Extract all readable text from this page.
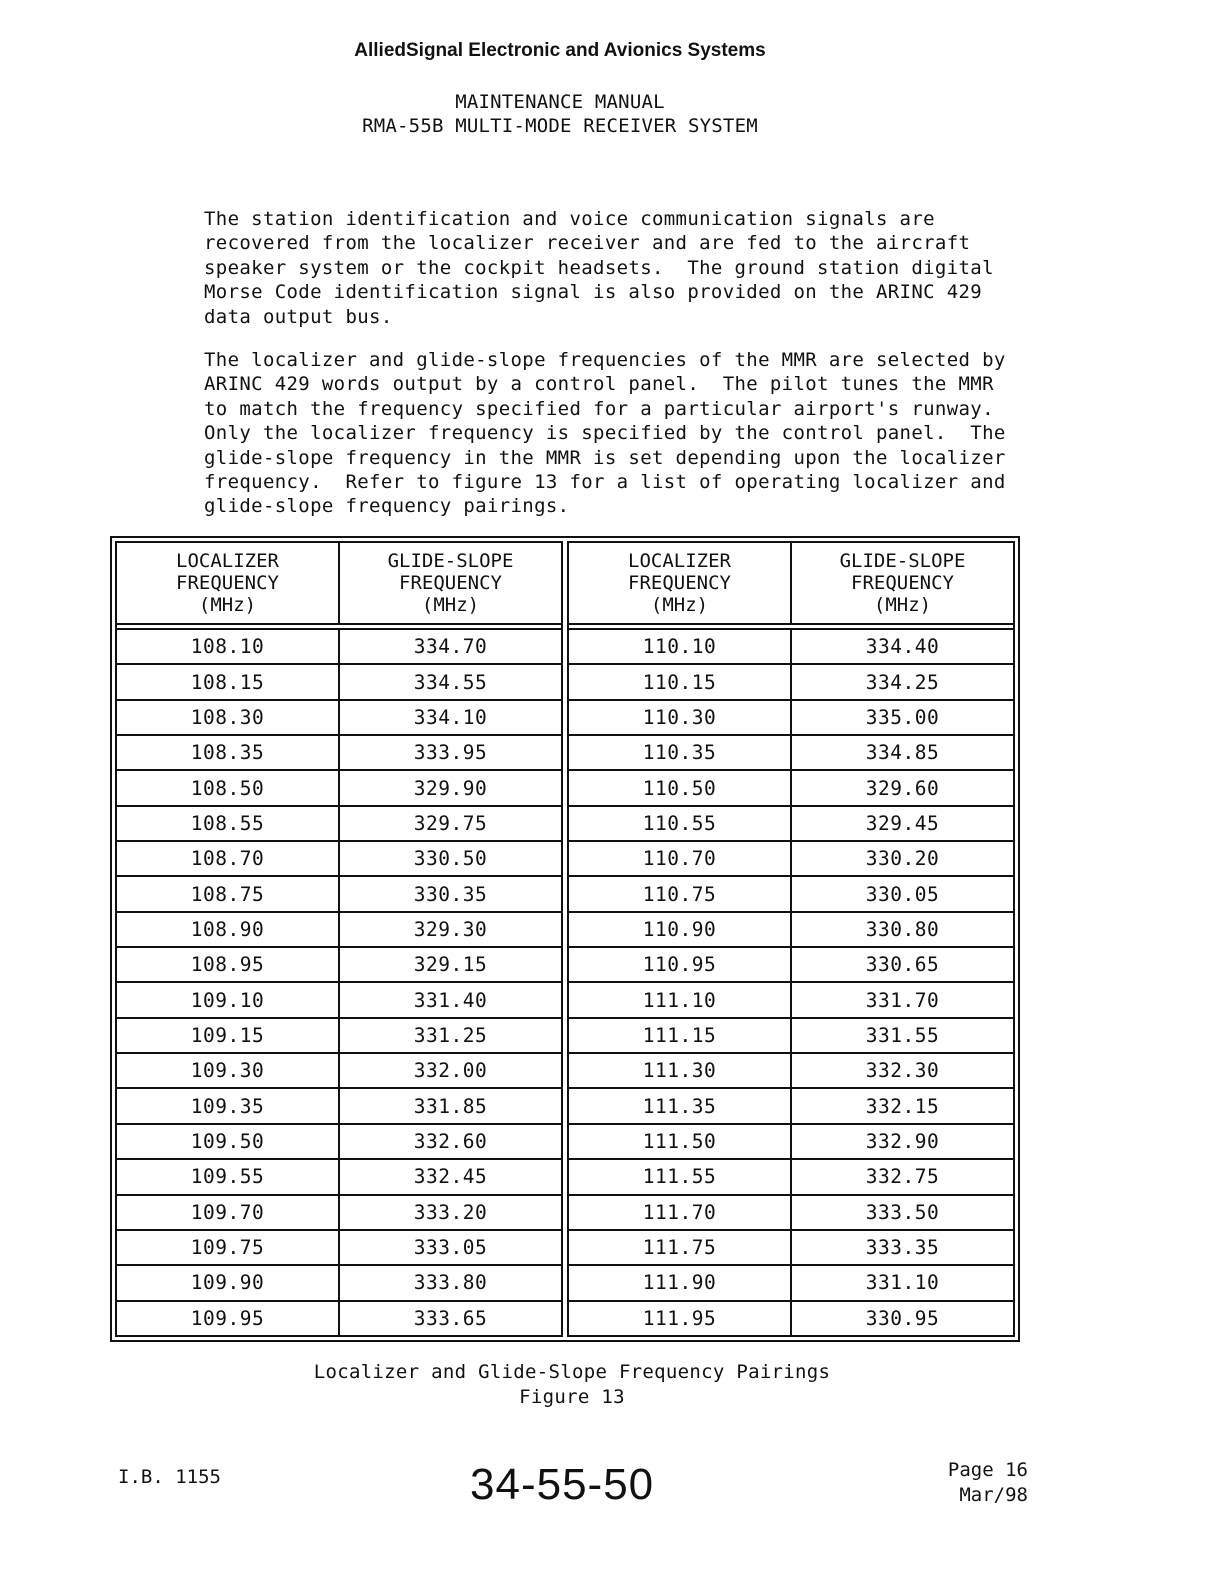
AlliedSignal Electronic and Avionics Systems
MAINTENANCE MANUAL
RMA-55B MULTI-MODE RECEIVER SYSTEM
The station identification and voice communication signals are
recovered from the localizer receiver and are fed to the aircraft
speaker system or the cockpit headsets.  The ground station digital
Morse Code identification signal is also provided on the ARINC 429
data output bus.
The localizer and glide-slope frequencies of the MMR are selected by
ARINC 429 words output by a control panel.  The pilot tunes the MMR
to match the frequency specified for a particular airport's runway.
Only the localizer frequency is specified by the control panel.  The
glide-slope frequency in the MMR is set depending upon the localizer
frequency.  Refer to figure 13 for a list of operating localizer and
glide-slope frequency pairings.
LOCALIZER
FREQUENCY
(MHz)
GLIDE-SLOPE
FREQUENCY
(MHz)
108.10	334.70
108.15	334.55
108.30	334.10
108.35	333.95
108.50	329.90
108.55	329.75
108.70	330.50
108.75	330.35
108.90	329.30
108.95	329.15
109.10	331.40
109.15	331.25
109.30	332.00
109.35	331.85
109.50	332.60
109.55	332.45
109.70	333.20
109.75	333.05
109.90	333.80
109.95	333.65
LOCALIZER
FREQUENCY
(MHz)
GLIDE-SLOPE
FREQUENCY
(MHz)
110.10	334.40
110.15	334.25
110.30	335.00
110.35	334.85
110.50	329.60
110.55	329.45
110.70	330.20
110.75	330.05
110.90	330.80
110.95	330.65
111.10	331.70
111.15	331.55
111.30	332.30
111.35	332.15
111.50	332.90
111.55	332.75
111.70	333.50
111.75	333.35
111.90	331.10
111.95	330.95
Localizer and Glide-Slope Frequency Pairings
Figure 13
I.B. 1155	34-55-50	Page 16
Mar/98
